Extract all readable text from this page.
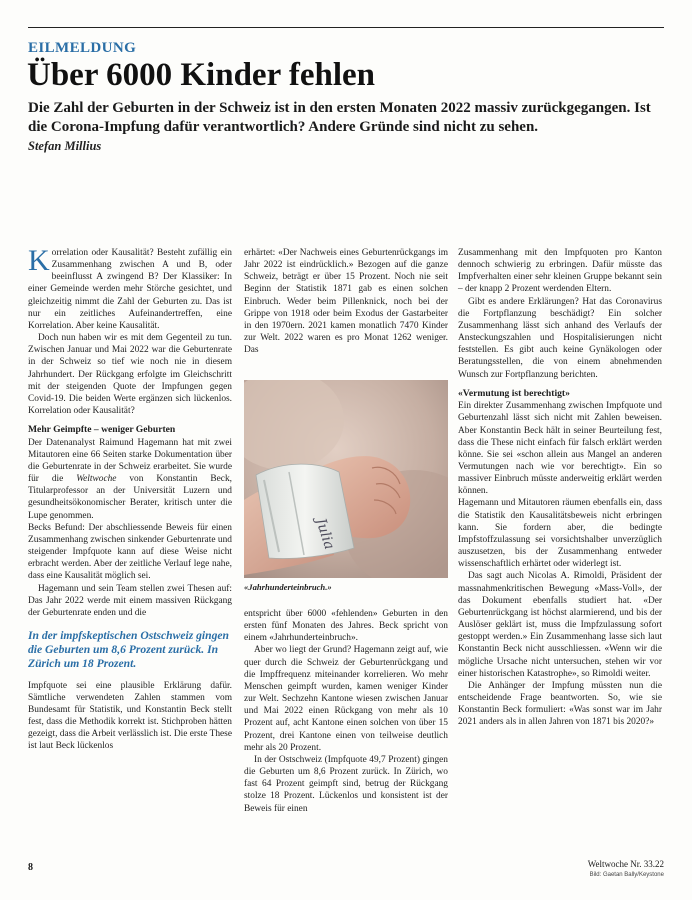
EILMELDUNG
Über 6000 Kinder fehlen

Die Zahl der Geburten in der Schweiz ist in den ersten Monaten 2022 massiv zurückgegangen. Ist die Corona-Impfung dafür verantwortlich? Andere Gründe sind nicht zu sehen.

Stefan Millius

Korrelation oder Kausalität? Besteht zufällig ein Zusammenhang zwischen A und B, oder beeinflusst A zwingend B? Der Klassiker: In einer Gemeinde werden mehr Störche gesichtet, und gleichzeitig nimmt die Zahl der Geburten zu. Das ist nur ein zeitliches Aufeinandertreffen, eine Korrelation. Aber keine Kausalität.

Doch nun haben wir es mit dem Gegenteil zu tun. Zwischen Januar und Mai 2022 war die Geburtenrate in der Schweiz so tief wie noch nie in diesem Jahrhundert. Der Rückgang erfolgte im Gleichschritt mit der steigenden Quote der Impfungen gegen Covid-19. Die beiden Werte ergänzen sich lückenlos. Korrelation oder Kausalität?

Mehr Geimpfte – weniger Geburten

Der Datenanalyst Raimund Hagemann hat mit zwei Mitautoren eine 66 Seiten starke Dokumentation über die Geburtenrate in der Schweiz erarbeitet. Sie wurde für die Weltwoche von Konstantin Beck, Titularprofessor an der Universität Luzern und gesundheitsökonomischer Berater, kritisch unter die Lupe genommen.

Becks Befund: Der abschliessende Beweis für einen Zusammenhang zwischen sinkender Geburtenrate und steigender Impfquote kann auf diese Weise nicht erbracht werden. Aber der zeitliche Verlauf lege nahe, dass eine Kausalität möglich sei.

Hagemann und sein Team stellen zwei Thesen auf: Das Jahr 2022 werde mit einem massiven Rückgang der Geburtenrate enden und die

In der impfskeptischen Ostschweiz gingen die Geburten um 8,6 Prozent zurück. In Zürich um 18 Prozent.

Impfquote sei eine plausible Erklärung dafür. Sämtliche verwendeten Zahlen stammen vom Bundesamt für Statistik, und Konstantin Beck stellt fest, dass die Methodik korrekt ist. Stichproben hätten gezeigt, dass die Arbeit verlässlich ist. Die erste These ist laut Beck lückenlos

erhärtet: «Der Nachweis eines Geburtenrückgangs im Jahr 2022 ist eindrücklich.» Bezogen auf die ganze Schweiz, beträgt er über 15 Prozent. Noch nie seit Beginn der Statistik 1871 gab es einen solchen Einbruch. Weder beim Pillenknick, noch bei der Grippe von 1918 oder beim Exodus der Gastarbeiter in den 1970ern. 2021 kamen monatlich 7470 Kinder zur Welt. 2022 waren es pro Monat 1262 weniger. Das

Julia
«Jahrhunderteinbruch.»

entspricht über 6000 «fehlenden» Geburten in den ersten fünf Monaten des Jahres. Beck spricht von einem «Jahrhunderteinbruch».

Aber wo liegt der Grund? Hagemann zeigt auf, wie quer durch die Schweiz der Geburtenrückgang und die Impffrequenz miteinander korrelieren. Wo mehr Menschen geimpft wurden, kamen weniger Kinder zur Welt. Sechzehn Kantone wiesen zwischen Januar und Mai 2022 einen Rückgang von mehr als 10 Prozent auf, acht Kantone einen solchen von über 15 Prozent, drei Kantone einen von teilweise deutlich mehr als 20 Prozent.

In der Ostschweiz (Impfquote 49,7 Prozent) gingen die Geburten um 8,6 Prozent zurück. In Zürich, wo fast 64 Prozent geimpft sind, betrug der Rückgang stolze 18 Prozent. Lückenlos und konsistent ist der Beweis für einen

Zusammenhang mit den Impfquoten pro Kanton dennoch schwierig zu erbringen. Dafür müsste das Impfverhalten einer sehr kleinen Gruppe bekannt sein – der knapp 2 Prozent werdenden Eltern.

Gibt es andere Erklärungen? Hat das Coronavirus die Fortpflanzung beschädigt? Ein solcher Zusammenhang lässt sich anhand des Verlaufs der Ansteckungszahlen und Hospitalisierungen nicht feststellen. Es gibt auch keine Gynäkologen oder Beratungsstellen, die von einem abnehmenden Wunsch zur Fortpflanzung berichten.

«Vermutung ist berechtigt»

Ein direkter Zusammenhang zwischen Impfquote und Geburtenzahl lässt sich nicht mit Zahlen beweisen. Aber Konstantin Beck hält in seiner Beurteilung fest, dass die These nicht einfach für falsch erklärt werden könne. Sie sei «schon allein aus Mangel an anderen Vermutungen nach wie vor berechtigt». Ein so massiver Einbruch müsste anderweitig erklärt werden können.

Hagemann und Mitautoren räumen ebenfalls ein, dass die Statistik den Kausalitätsbeweis nicht erbringen kann. Sie fordern aber, die bedingte Impfstoffzulassung sei vorsichtshalber unverzüglich auszusetzen, bis der Zusammenhang entweder wissenschaftlich erhärtet oder widerlegt ist.

Das sagt auch Nicolas A. Rimoldi, Präsident der massnahmenkritischen Bewegung «Mass-Voll», der das Dokument ebenfalls studiert hat. «Der Geburtenrückgang ist höchst alarmierend, und bis der Auslöser geklärt ist, muss die Impfzulassung sofort gestoppt werden.» Ein Zusammenhang lasse sich laut Konstantin Beck nicht ausschliessen. «Wenn wir die mögliche Ursache nicht untersuchen, stehen wir vor einer historischen Katastrophe», so Rimoldi weiter.

Die Anhänger der Impfung müssten nun die entscheidende Frage beantworten. So, wie sie Konstantin Beck formuliert: «Was sonst war im Jahr 2021 anders als in allen Jahren von 1871 bis 2020?»

8	Weltwoche Nr. 33.22
Bild: Gaetan Bally/Keystone
